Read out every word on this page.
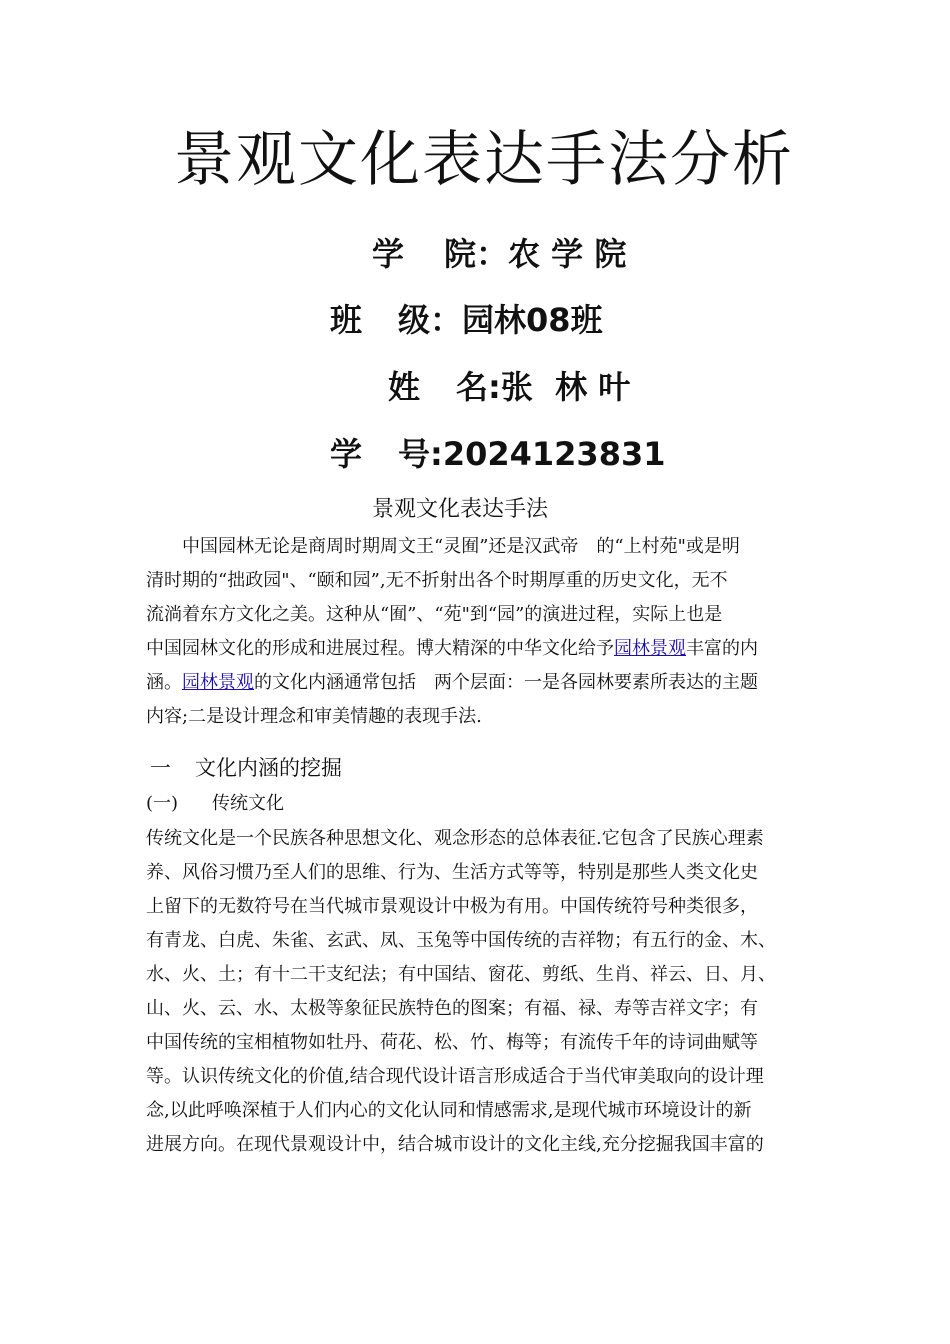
景观文化表达手法分析
学 院：农 学 院
班 级：园林08班
姓 名:张  林 叶
学 号:2024123831
景观文化表达手法
中国园林无论是商周时期周文王“灵囿”还是汉武帝　的“上村苑"或是明
清时期的“拙政园"、“颐和园”,无不折射出各个时期厚重的历史文化，无不
流淌着东方文化之美。这种从“囿”、“苑"到“园”的演进过程，实际上也是
中国园林文化的形成和进展过程。博大精深的中华文化给予园林景观丰富的内
涵。园林景观的文化内涵通常包括　两个层面：一是各园林要素所表达的主题
内容;二是设计理念和审美情趣的表现手法.
一 文化内涵的挖掘
(一) 传统文化
传统文化是一个民族各种思想文化、观念形态的总体表征.它包含了民族心理素
养、风俗习惯乃至人们的思维、行为、生活方式等等，特别是那些人类文化史
上留下的无数符号在当代城市景观设计中极为有用。中国传统符号种类很多，
有青龙、白虎、朱雀、玄武、凤、玉兔等中国传统的吉祥物；有五行的金、木、
水、火、土；有十二干支纪法；有中国结、窗花、剪纸、生肖、祥云、日、月、
山、火、云、水、太极等象征民族特色的图案；有福、禄、寿等吉祥文字；有
中国传统的宝相植物如牡丹、荷花、松、竹、梅等；有流传千年的诗词曲赋等
等。认识传统文化的价值,结合现代设计语言形成适合于当代审美取向的设计理
念,以此呼唤深植于人们内心的文化认同和情感需求,是现代城市环境设计的新
进展方向。在现代景观设计中，结合城市设计的文化主线,充分挖掘我国丰富的
